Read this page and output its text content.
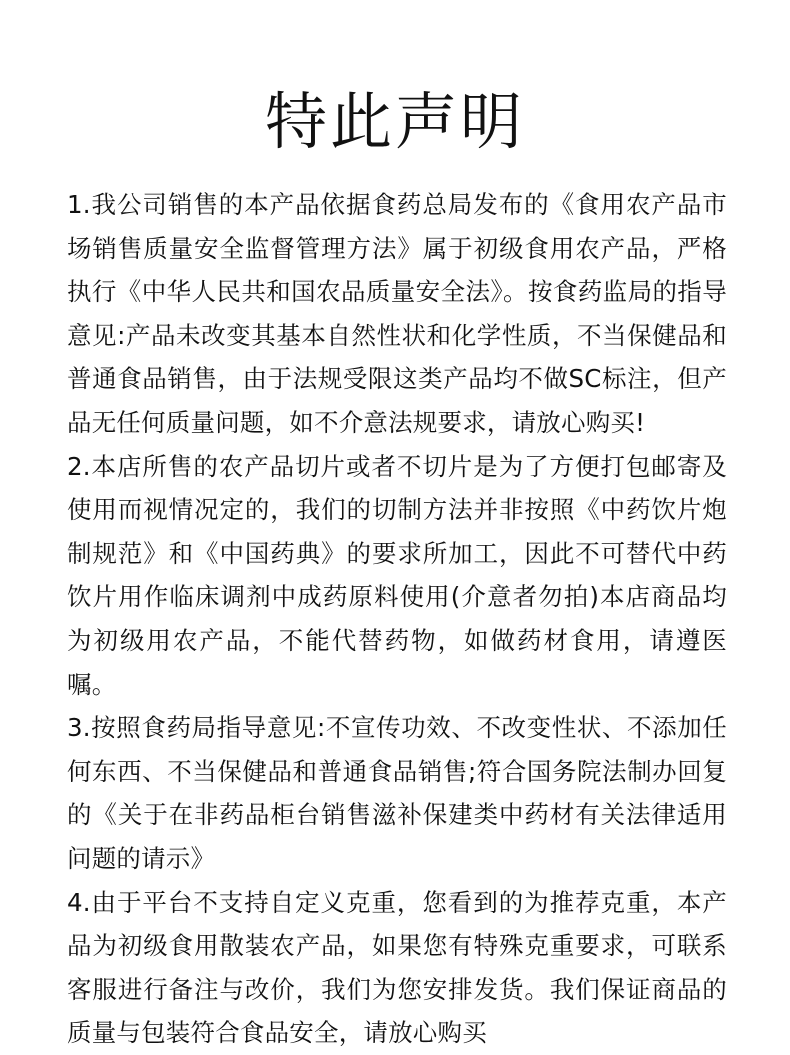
特此声明

1.我公司销售的本产品依据食药总局发布的《食用农产品市场销售质量安全监督管理方法》属于初级食用农产品，严格　 执行《中华人民共和国农品质量安全法》。按食药监局的指导意见:产品未改变其基本自然性状和化学性质，不当保健品和普通食品销售，由于法规受限这类产品均不做SC标注，但产品无任何质量问题，如不介意法规要求，请放心购买!

2.本店所售的农产品切片或者不切片是为了方便打包邮寄及使用而视情况定的，我们的切制方法并非按照《中药饮片炮制规范》和《中国药典》的要求所加工，因此不可替代中药饮片用作临床调剂中成药原料使用(介意者勿拍)本店商品均为初级用农产品，不能代替药物，如做药材食用，请遵医嘱。

3.按照食药局指导意见:不宣传功效、不改变性状、不添加任何东西、不当保健品和普通食品销售;符合国务院法制办回复的《关于在非药品柜台销售滋补保建类中药材有关法律适用问题的请示》

4.由于平台不支持自定义克重，您看到的为推荐克重，本产品为初级食用散装农产品，如果您有特殊克重要求，可联系客服进行备注与改价，我们为您安排发货。我们保证商品的质量与包装符合食品安全，请放心购买
